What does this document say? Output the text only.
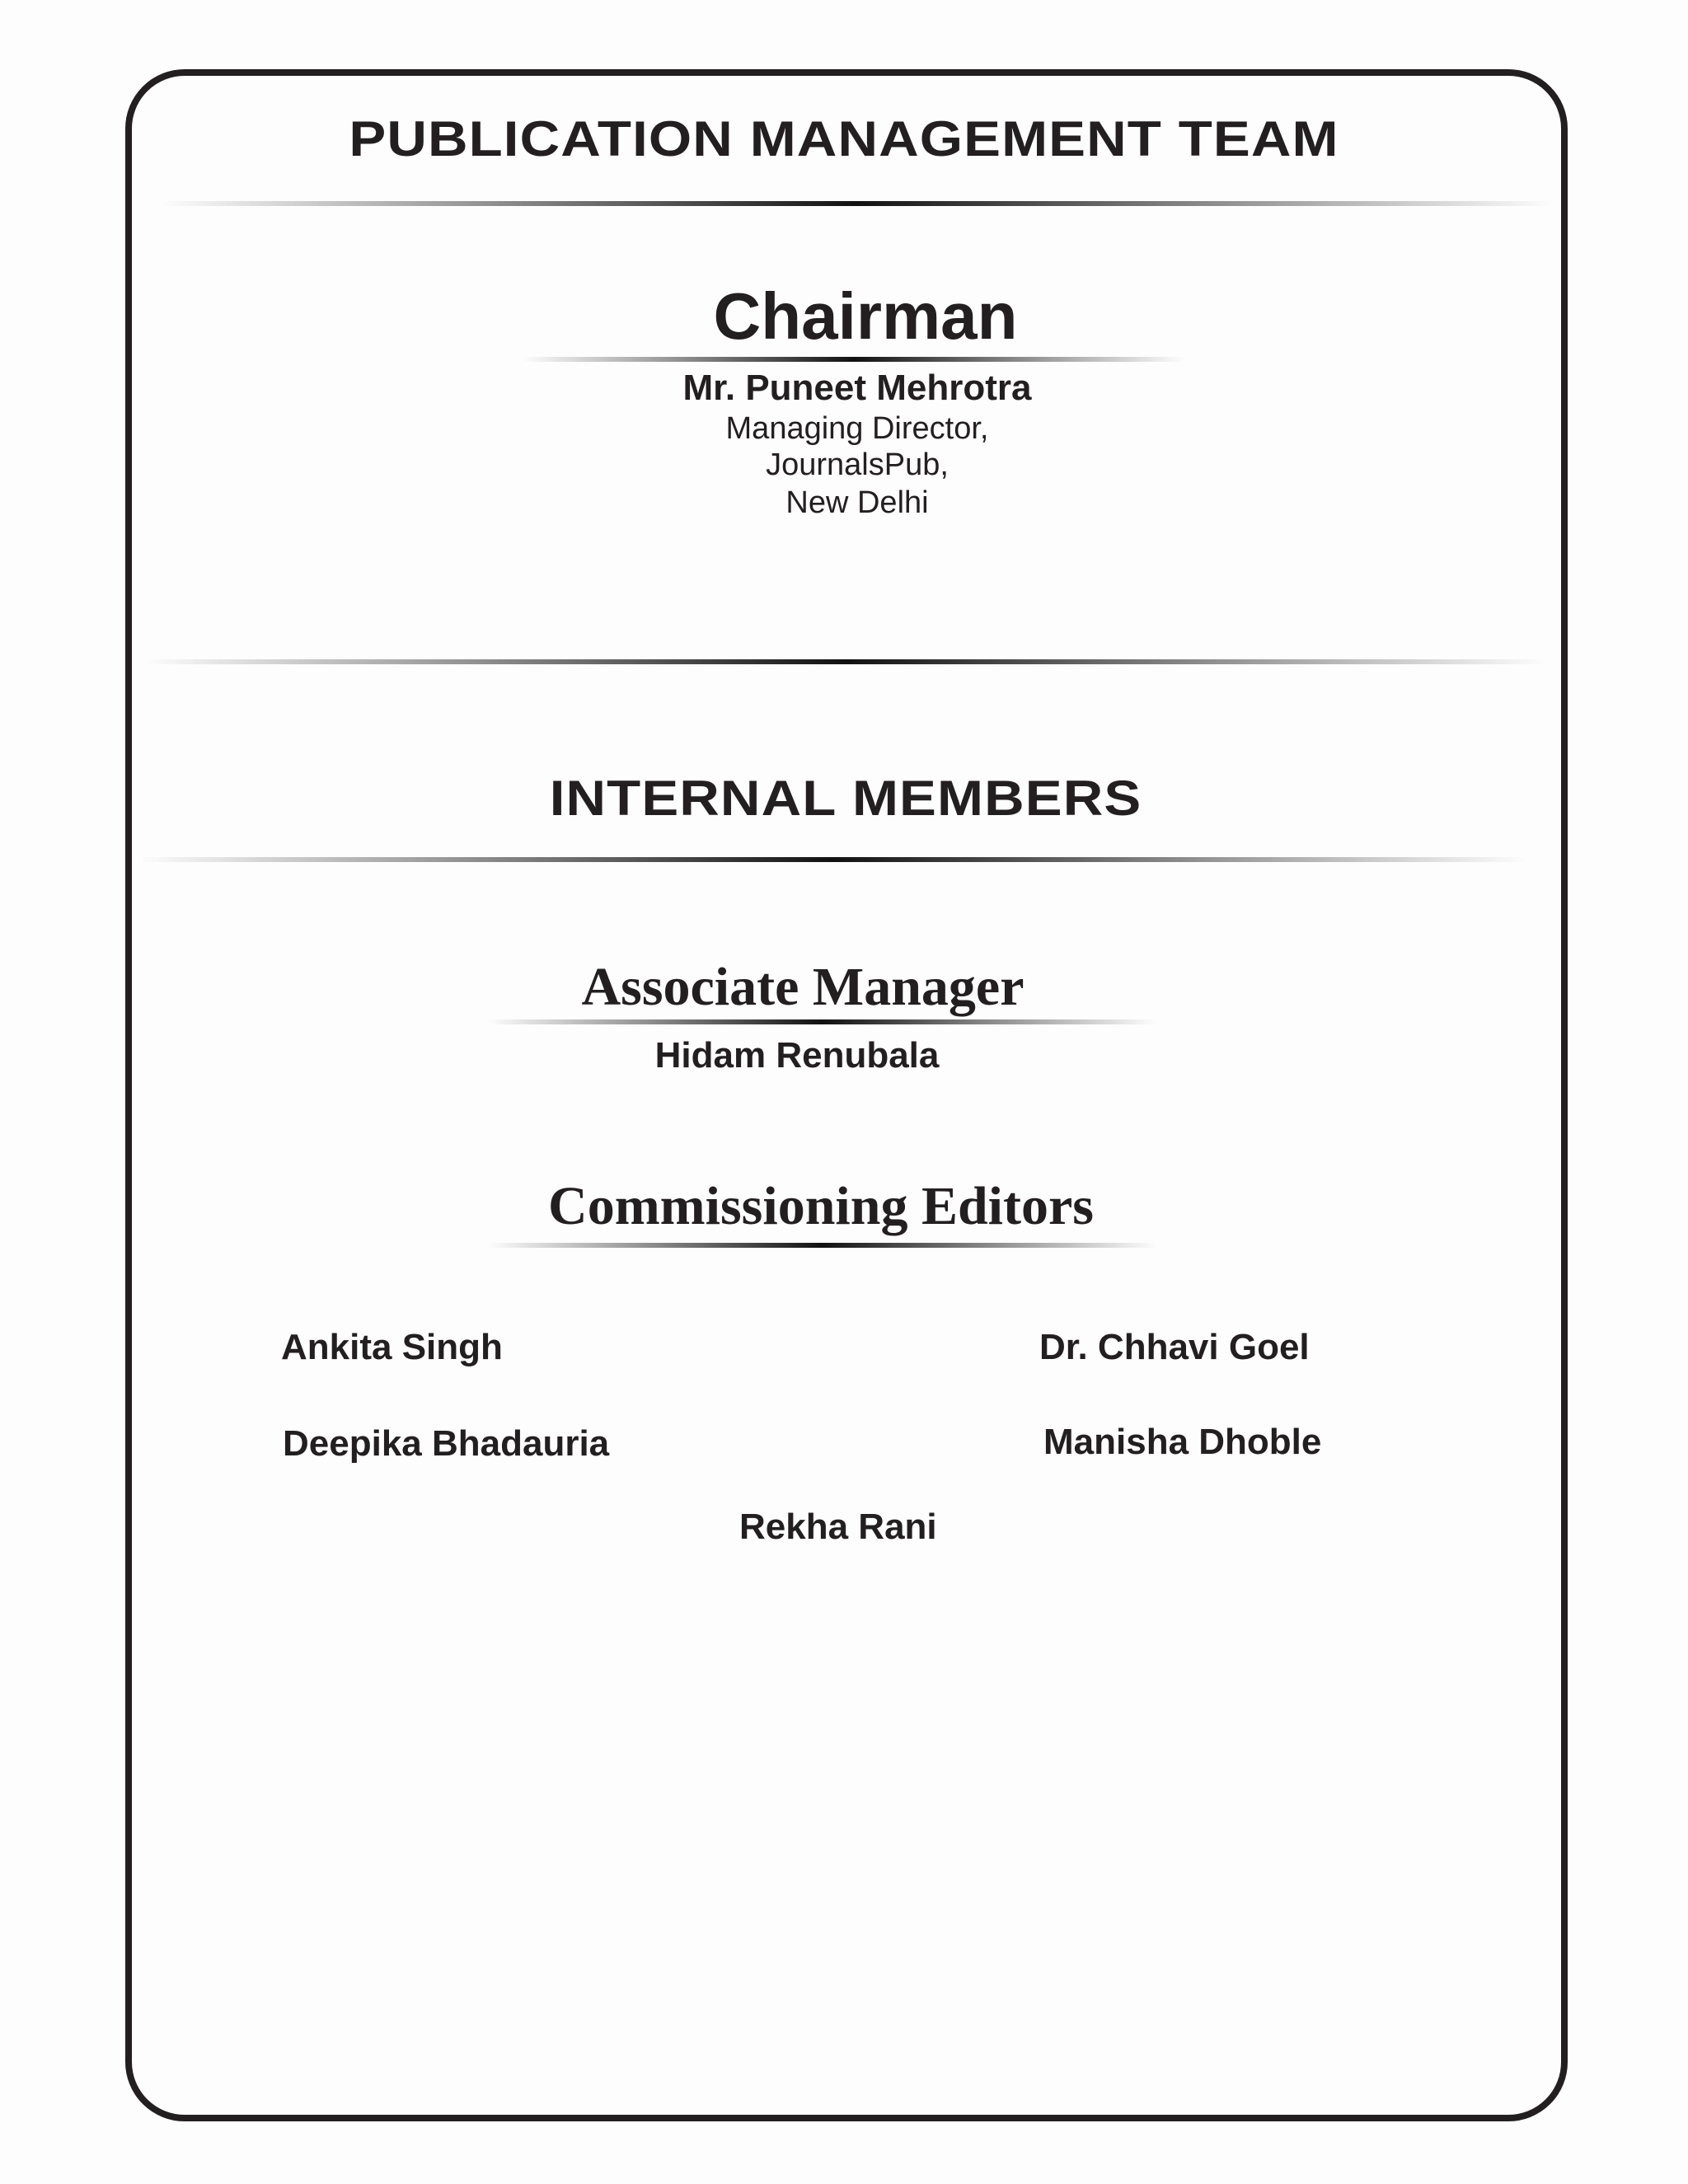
PUBLICATION MANAGEMENT TEAM
Chairman
Mr. Puneet Mehrotra
Managing Director,
JournalsPub,
New Delhi
INTERNAL MEMBERS
Associate Manager
Hidam Renubala
Commissioning Editors
Ankita Singh	Dr. Chhavi Goel
Deepika Bhadauria	Manisha Dhoble
Rekha Rani
